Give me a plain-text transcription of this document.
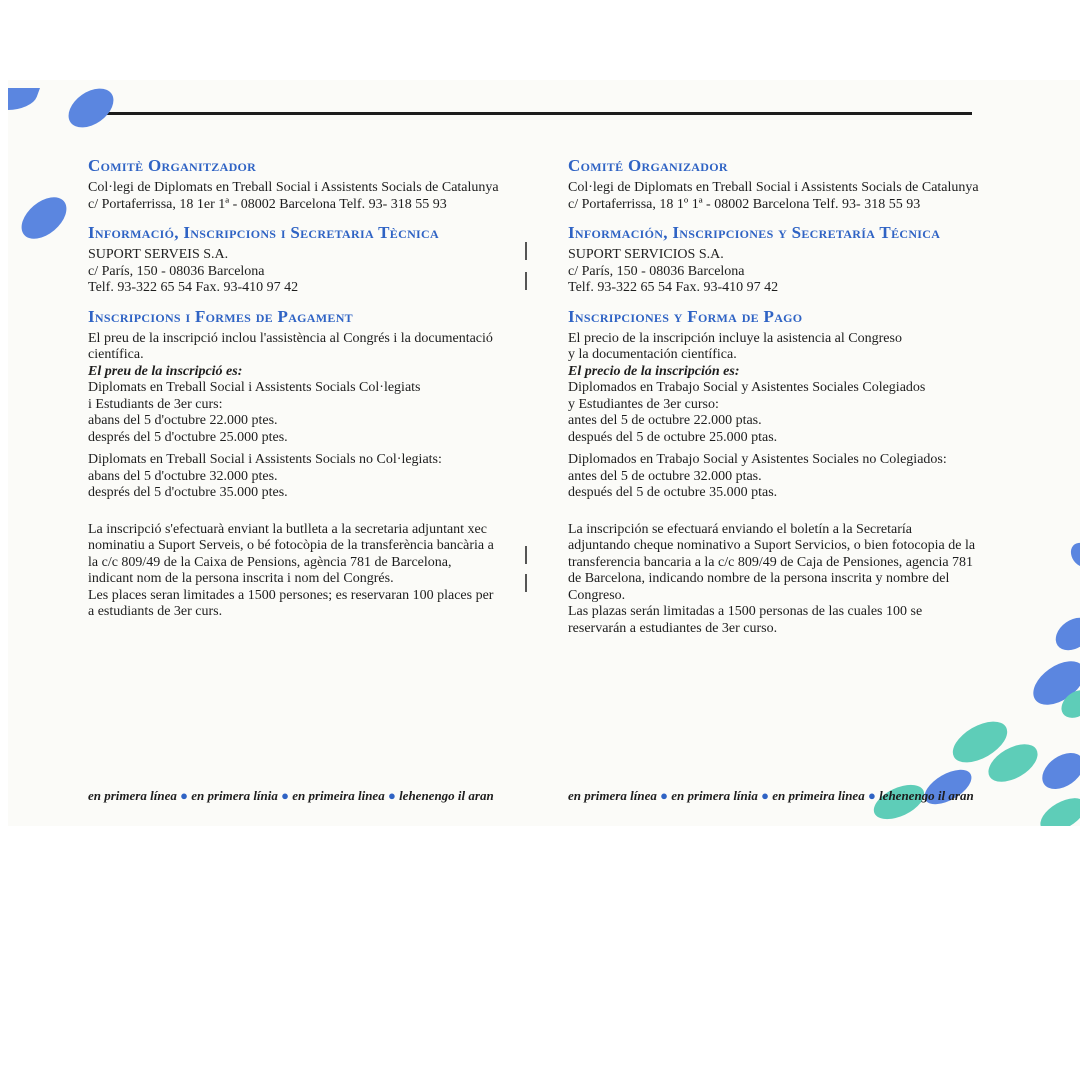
Comitè Organitzador
Col·legi de Diplomats en Treball Social i Assistents Socials de Catalunya
c/ Portaferrissa, 18 1er 1ª - 08002 Barcelona Telf. 93- 318 55 93
Informació, Inscripcions i Secretaria Tècnica
SUPORT SERVEIS S.A.
c/ París, 150 - 08036 Barcelona
Telf. 93-322 65 54 Fax. 93-410 97 42
Inscripcions i Formes de Pagament
El preu de la inscripció inclou l'assistència al Congrés i la documentació
científica.
El preu de la inscripció es:
Diplomats en Treball Social i Assistents Socials Col·legiats
i Estudiants de 3er curs:
abans del 5 d'octubre 22.000 ptes.
després del 5 d'octubre 25.000 ptes.
Diplomats en Treball Social i Assistents Socials no Col·legiats:
abans del 5 d'octubre 32.000 ptes.
després del 5 d'octubre 35.000 ptes.
La inscripció s'efectuarà enviant la butlleta a la secretaria adjuntant xec
nominatiu a Suport Serveis, o bé fotocòpia de la transferència bancària a
la c/c 809/49 de la Caixa de Pensions, agència 781 de Barcelona,
indicant nom de la persona inscrita i nom del Congrés.
Les places seran limitades a 1500 persones; es reservaran 100 places per
a estudiants de 3er curs.
Comité Organizador
Col·legi de Diplomats en Treball Social i Assistents Socials de Catalunya
c/ Portaferrissa, 18 1º 1ª - 08002 Barcelona Telf. 93- 318 55 93
Información, Inscripciones y Secretaría Técnica
SUPORT SERVICIOS S.A.
c/ París, 150 - 08036 Barcelona
Telf. 93-322 65 54 Fax. 93-410 97 42
Inscripciones y Forma de Pago
El precio de la inscripción incluye la asistencia al Congreso
y la documentación científica.
El precio de la inscripción es:
Diplomados en Trabajo Social y Asistentes Sociales Colegiados
y Estudiantes de 3er curso:
antes del 5 de octubre 22.000 ptas.
después del 5 de octubre 25.000 ptas.
Diplomados en Trabajo Social y Asistentes Sociales no Colegiados:
antes del 5 de octubre 32.000 ptas.
después del 5 de octubre 35.000 ptas.
La inscripción se efectuará enviando el boletín a la Secretaría
adjuntando cheque nominativo a Suport Servicios, o bien fotocopia de la
transferencia bancaria a la c/c 809/49 de Caja de Pensiones, agencia 781
de Barcelona, indicando nombre de la persona inscrita y nombre del
Congreso.
Las plazas serán limitadas a 1500 personas de las cuales 100 se
reservarán a estudiantes de 3er curso.
en primera línea ● en primera línia ● en primeira linea ● lehenengo il aran	en primera línea ● en primera línia ● en primeira linea ● lehenengo il aran
